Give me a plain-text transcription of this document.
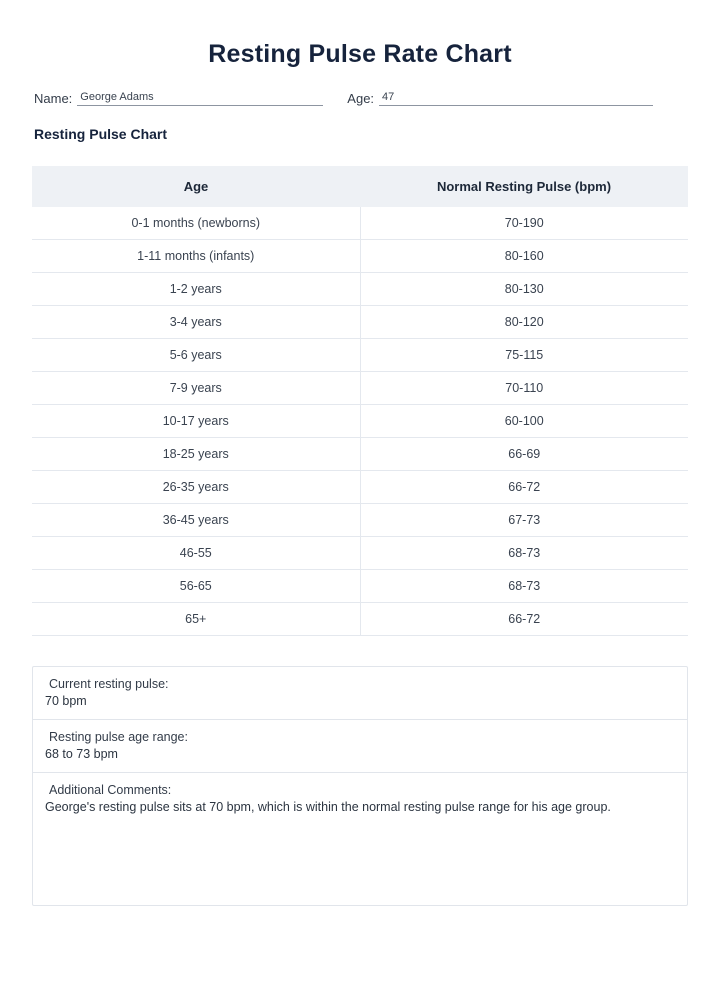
Resting Pulse Rate Chart
Name: George Adams	Age: 47
Resting Pulse Chart
Age	Normal Resting Pulse (bpm)
0-1 months (newborns)	70-190
1-11 months (infants)	80-160
1-2 years	80-130
3-4 years	80-120
5-6 years	75-115
7-9 years	70-110
10-17 years	60-100
18-25 years	66-69
26-35 years	66-72
36-45 years	67-73
46-55	68-73
56-65	68-73
65+	66-72
Current resting pulse:
70 bpm
Resting pulse age range:
68 to 73 bpm
Additional Comments:
George's resting pulse sits at 70 bpm, which is within the normal resting pulse range for his age group.
